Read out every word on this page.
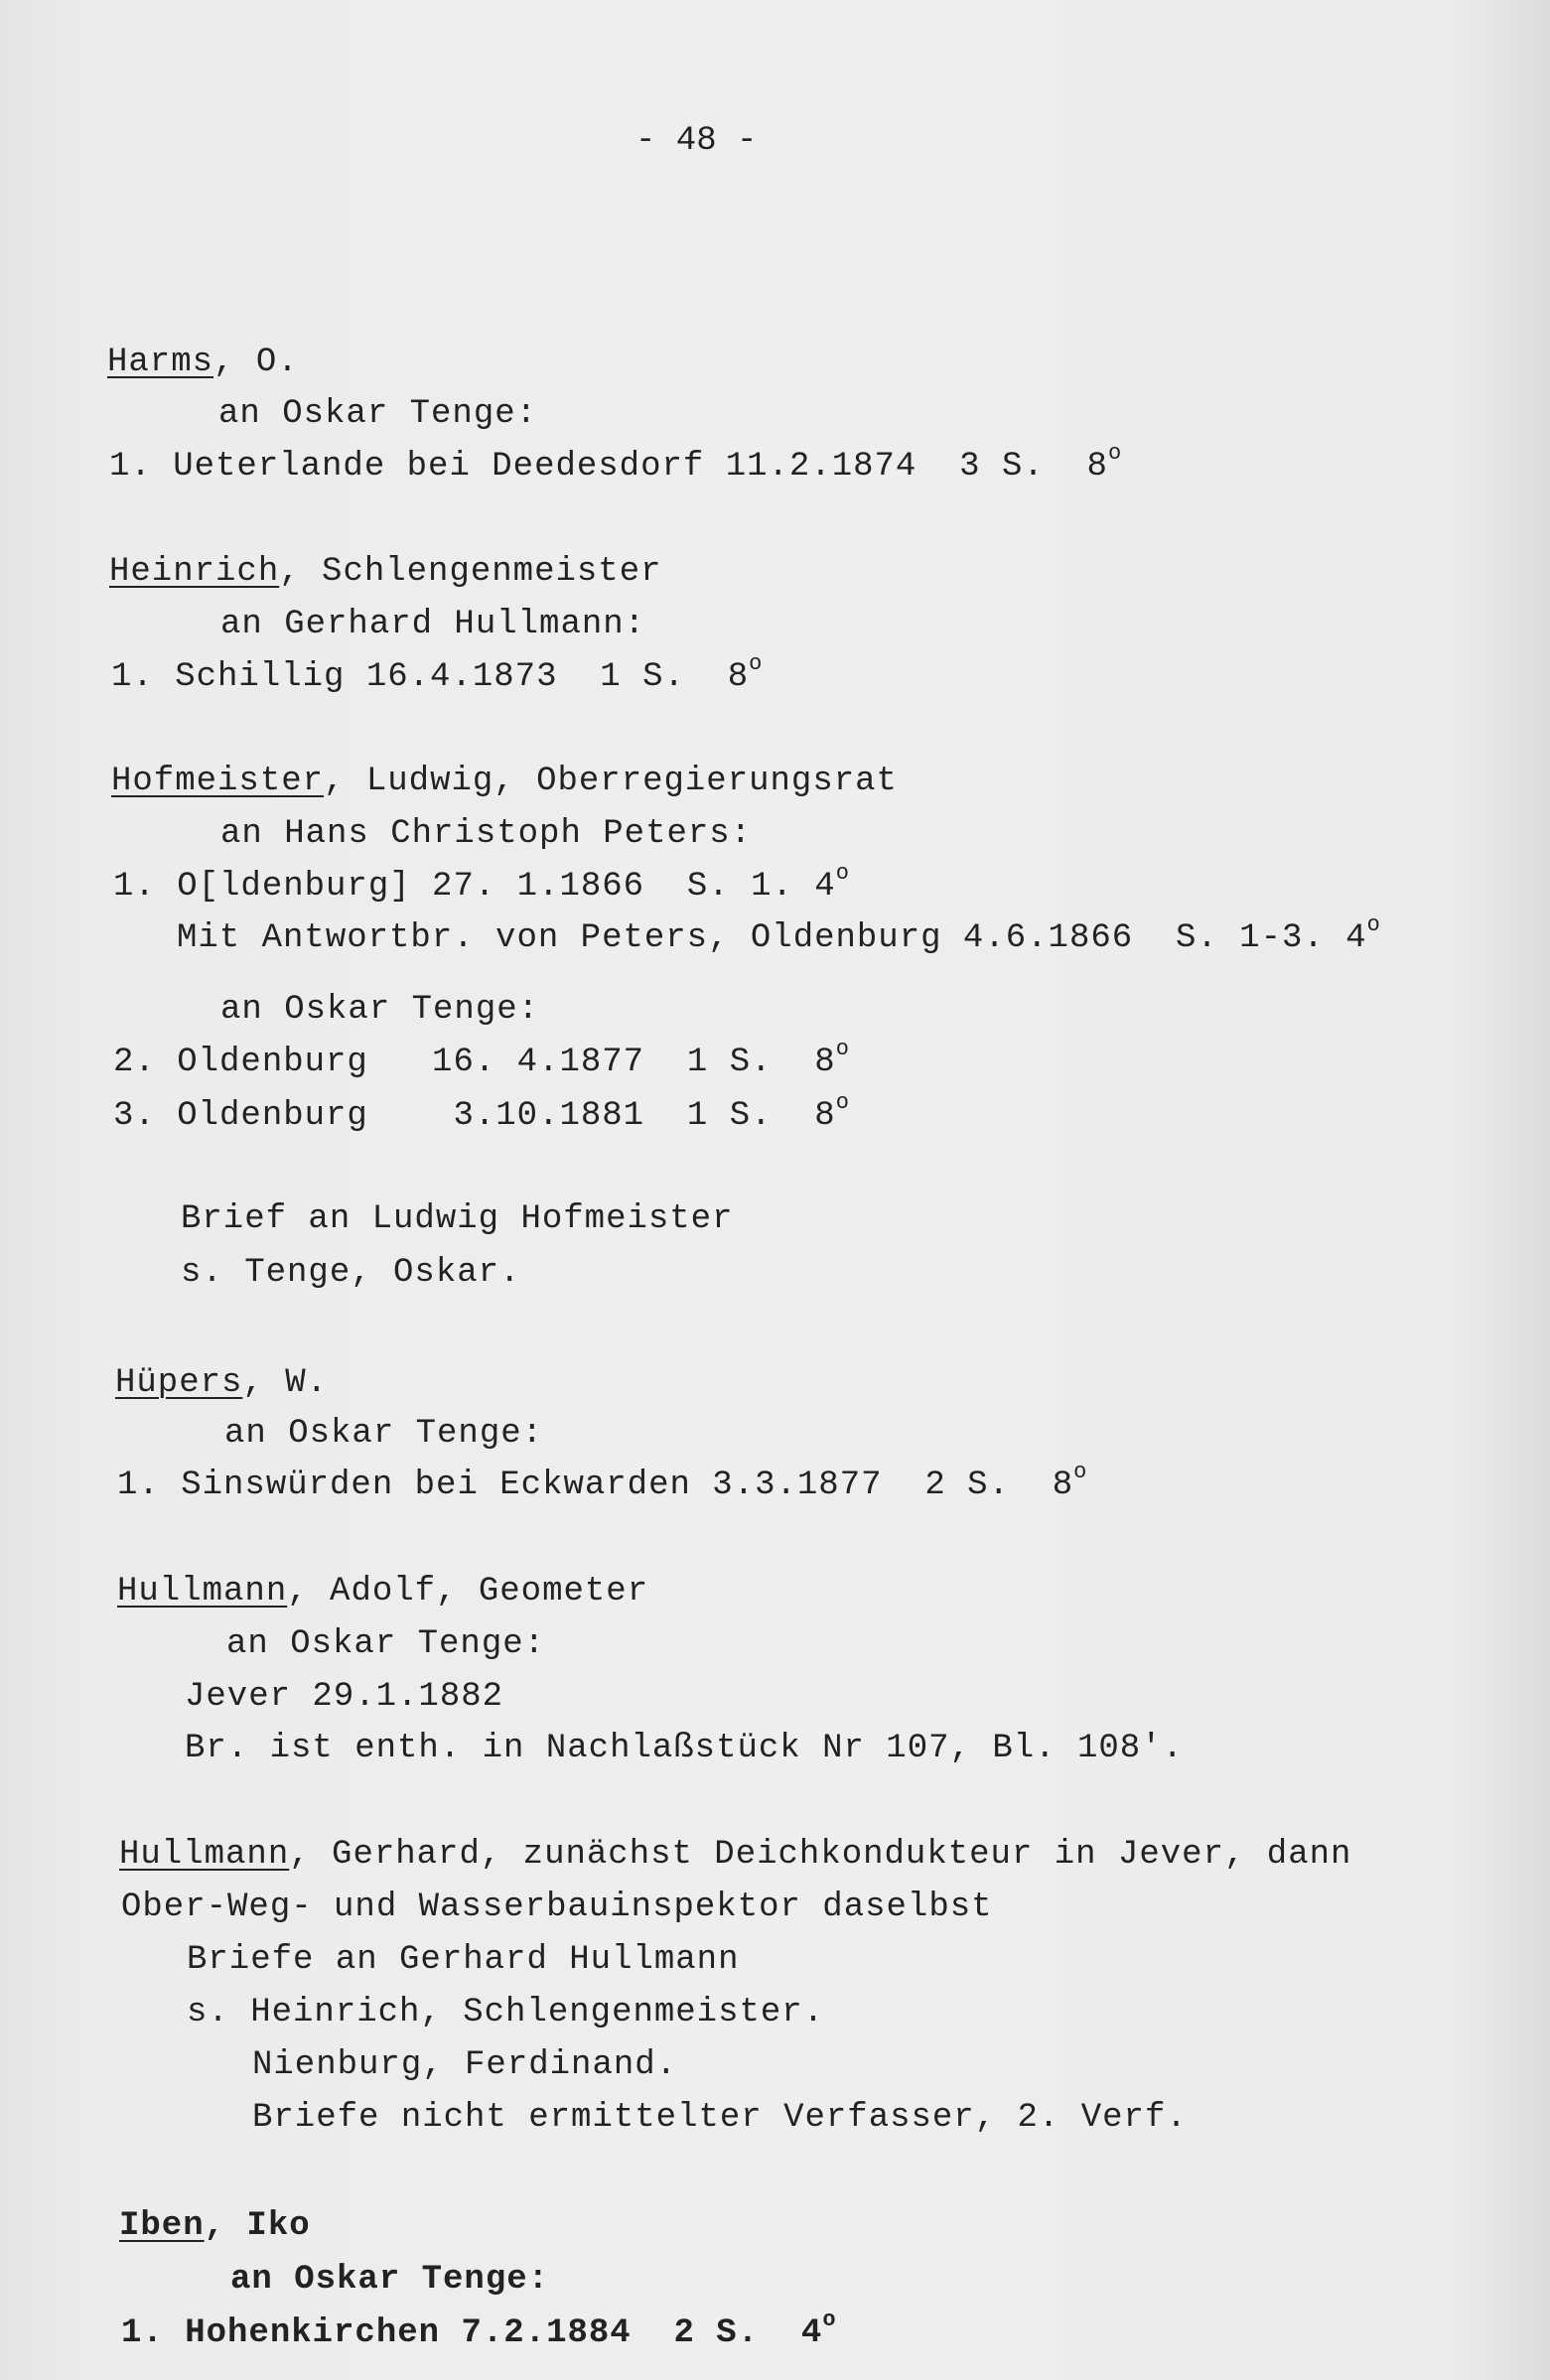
- 48 -
Harms, O.
an Oskar Tenge:
1. Ueterlande bei Deedesdorf 11.2.1874  3 S.  8$^o$
Heinrich, Schlengenmeister
an Gerhard Hullmann:
1. Schillig 16.4.1873  1 S.  8$^o$
Hofmeister, Ludwig, Oberregierungsrat
an Hans Christoph Peters:
1. O[ldenburg] 27. 1.1866  S. 1. 4$^o$
Mit Antwortbr. von Peters, Oldenburg 4.6.1866  S. 1-3. 4$^o$
an Oskar Tenge:
2. Oldenburg   16. 4.1877  1 S.  8$^o$
3. Oldenburg    3.10.1881  1 S.  8$^o$
Brief an Ludwig Hofmeister
s. Tenge, Oskar.
Hüpers, W.
an Oskar Tenge:
1. Sinswürden bei Eckwarden 3.3.1877  2 S.  8$^o$
Hullmann, Adolf, Geometer
an Oskar Tenge:
Jever 29.1.1882
Br. ist enth. in Nachlaßstück Nr 107, Bl. 108'.
Hullmann, Gerhard, zunächst Deichkondukteur in Jever, dann
Ober-Weg- und Wasserbauinspektor daselbst
Briefe an Gerhard Hullmann
s. Heinrich, Schlengenmeister.
Nienburg, Ferdinand.
Briefe nicht ermittelter Verfasser, 2. Verf.
Iben, Iko
an Oskar Tenge:
1. Hohenkirchen 7.2.1884  2 S.  4$^o$
